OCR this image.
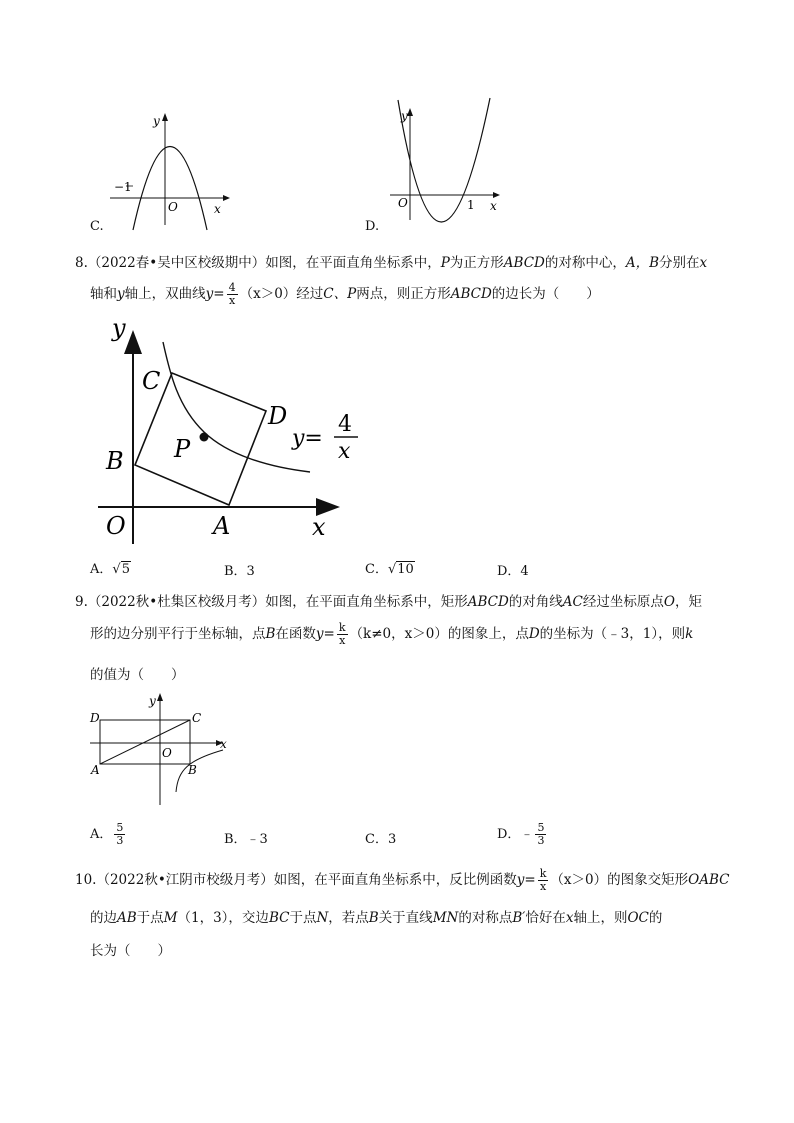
−1
y
x
O
C.
y
x
O	1
D.
8.（2022春•吴中区校级期中）如图，在平面直角坐标系中，P为正方形ABCD的对称中心，A，B分别在x
轴和y轴上，双曲线$y= \frac{4}{x} (x>0)$经过C、P两点，则正方形ABCD的边长为（　　）
y
x
O	A
B
C
D
P	y=
4
x
A．√5	B．3	C．√10	D．4
9.（2022秋•杜集区校级月考）如图，在平面直角坐标系中，矩形ABCD的对角线AC经过坐标原点O，矩
形的边分别平行于坐标轴，点B在函数$y= \frac{k}{x} (k\ne 0$，x＞0）的图象上，点D的坐标为（﹣3，1），则k
的值为（　　）
y
x
O
A	B
C
D
A． $\frac{5}{3}$	B．﹣3	C．3	D．﹣ $\frac{5}{3}$
10.（2022秋•江阴市校级月考）如图，在平面直角坐标系中，反比例函数$y= \frac{k}{x} (x>0)$的图象交矩形OABC
的边AB于点M（1，3），交边BC于点N，若点B关于直线MN的对称点B′恰好在x轴上，则OC的
长为（　　）
